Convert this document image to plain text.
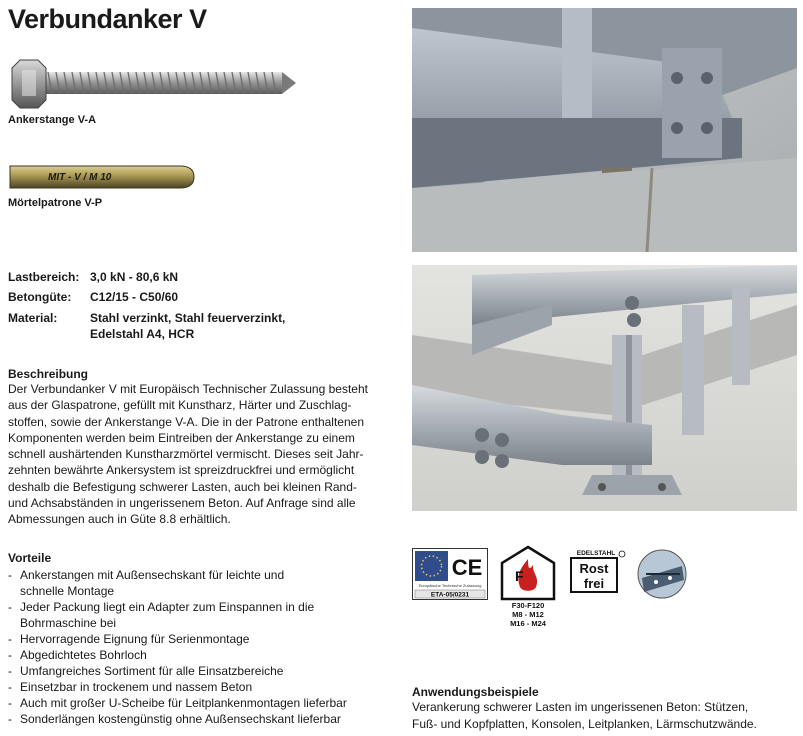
Verbundanker V
Ankerstange V-A
MIT - V / M 10
Mörtelpatrone V-P
Lastbereich: 3,0 kN - 80,6 kN
Betongüte:	C12/15 - C50/60
Material:	Stahl verzinkt, Stahl feuerverzinkt,
Edelstahl A4, HCR
Beschreibung
Der Verbundanker V mit Europäisch Technischer Zulassung besteht
aus der Glaspatrone, gefüllt mit Kunstharz, Härter und Zuschlag-
stoffen, sowie der Ankerstange V-A. Die in der Patrone enthaltenen
Komponenten werden beim Eintreiben der Ankerstange zu einem
schnell aushärtenden Kunstharzmörtel vermischt. Dieses seit Jahr-
zehnten bewährte Ankersystem ist spreizdruckfrei und ermöglicht
deshalb die Befestigung schwerer Lasten, auch bei kleinen Rand-
und Achsabständen in ungerissenem Beton. Auf Anfrage sind alle
Abmessungen auch in Güte 8.8 erhältlich.
Vorteile
- Ankerstangen mit Außensechskant für leichte und
schnelle Montage
- Jeder Packung liegt ein Adapter zum Einspannen in die
Bohrmaschine bei
- Hervorragende Eignung für Serienmontage
- Abgedichtetes Bohrloch
- Umfangreiches Sortiment für alle Einsatzbereiche
- Einsetzbar in trockenem und nassem Beton
- Auch mit großer U-Scheibe für Leitplankenmontagen lieferbar
- Sonderlängen kostengünstig ohne Außensechskant lieferbar
CE
Europäische Technische Zulassung
ETA-05/0231
F
F30-F120
M8 - M12
M16 - M24
EDELSTAHL
Rost
frei
Anwendungsbeispiele
Verankerung schwerer Lasten im ungerissenen Beton: Stützen,
Fuß- und Kopfplatten, Konsolen, Leitplanken, Lärmschutzwände.
